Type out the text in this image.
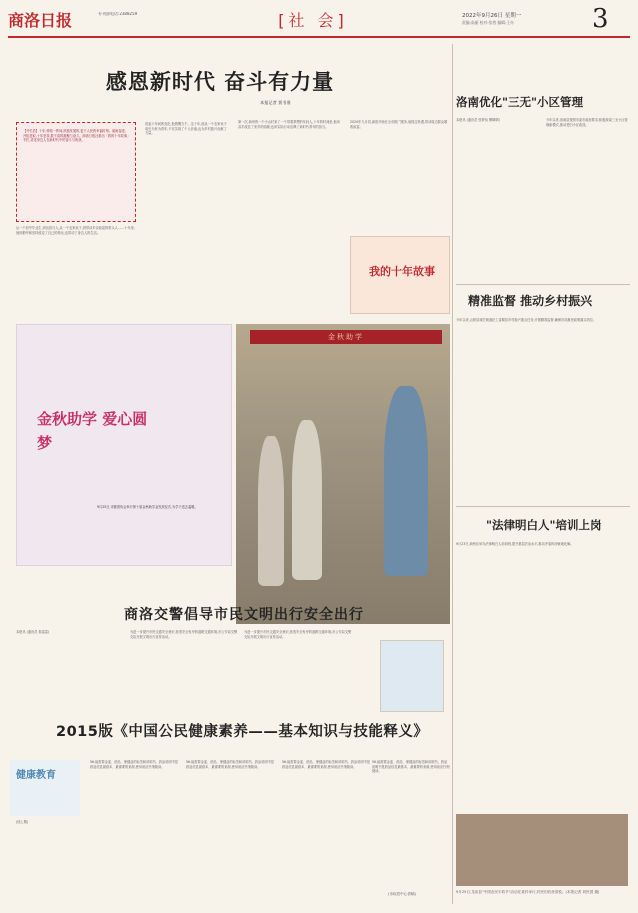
商洛日报	专刊部电话:2388259	[社 会]	2022年9月26日 星期一
责编:高丽 校对:张茜 编辑:王亦	3
感恩新时代 奋斗有力量
本报记者 贾书准
【开栏语】十年,弹指一挥间,浓缩发展的,更于人民的幸福时刻。砥砺奋进,开拓进取,十年坚持,数不清的凝聚与奋斗。商洛日报社推出「我的十年故事」专栏,讲述身边人在新时代中的奋斗与收获。
从一个初中毕业生,到运营月人,从一个农家孩子,到带动乡亲致富的带头人……十年里,他用勤劳和坚持改变了自己的命运,也带动了身边人的生活。
说起十年间的变化,他感慨万千。这十年,他从一个农家孩子成长为有为青年,不仅实现了个人价值,也为乡村振兴贡献了力量。
第一次,商州的一个小山村来了一个带着梦想的年轻人,十年的时间里,他用双手改变了家乡的面貌,也用实际行动诠释了新时代青年的担当。
2020年九月初,商洛开始在全市推广服务,他抓住机遇,带动周边群众增收致富。
我的十年故事
金秋助学
金秋助学 爱心圆梦
9月25日,市慈善协会举行第十届金秋助学金发放仪式,为学子送去温暖。
洛南优化"三无"小区管理
本报讯 (通讯员 张梦怡 柳晴晴)	今年以来,洛南县按照市委市政府要求,积极探索三无小区管理新模式,推动老旧小区改造。
精准监督 推动乡村振兴
今年以来,山阳县城关街道纪工委紧扣乡村振兴重点任务,开展精准监督,确保各项惠民政策落实到位。
"法律明白人"培训上岗
9月23日,商州区举办法律明白人培训班,提升基层法治水平,推动矛盾纠纷就地化解。
商洛交警倡导市民文明出行安全出行
本报讯 (通讯员 秦雷雷)	为进一步提升市民交通安全意识,营造安全有序的道路交通环境,市公安局交警支队开展文明出行宣传活动。
为进一步提升市民交通安全意识,营造安全有序的道路交通环境,市公安局交警支队开展文明出行宣传活动。
2015版《中国公民健康素养——基本知识与技能释义》
健康教育
(续上期)
56.能需要金皿、药品、保健品的标签和说明书。药品说明书是药品信息最基本、最重要的来源,使用前应仔细阅读。
56.能需要金皿、药品、保健品的标签和说明书。药品说明书是药品信息最基本、最重要的来源,使用前应仔细阅读。
56.能需要金皿、药品、保健品的标签和说明书。药品说明书是药品信息最基本、最重要的来源,使用前应仔细阅读。
56.能需要金皿、药品、保健品的标签和说明书。药品说明书是药品信息最基本、最重要的来源,使用前应仔细阅读。
(市疾控中心供稿)	9月25日,龙泉县"中国农民丰收节"活动在某村举行,村民们收获喜悦。(本报记者 刘民国 摄)
